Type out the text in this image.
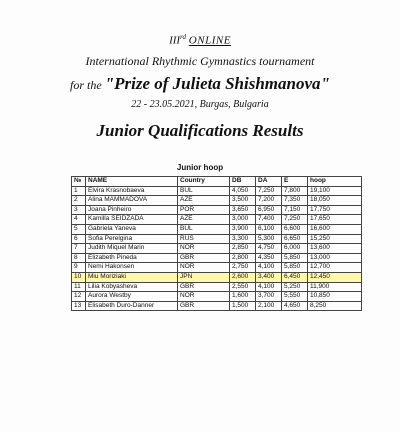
IIIrd ONLINE
International Rhythmic Gymnastics tournament
for the "Prize of Julieta Shishmanova"
22 - 23.05.2021, Burgas, Bulgaria
Junior Qualifications Results
Junior hoop
№	NAME	Country	DB	DA	E	hoop
1	Elvira Krasnobaeva	BUL	4,050	7,250	7,800	19,100
2	Alina MAMMADOVA	AZE	3,500	7,200	7,350	18,050
3	Joana Pinheiro	POR	3,650	6,950	7,150	17,750
4	Kamilla SEIDZADA	AZE	3,000	7,400	7,250	17,650
5	Gabriela Yaneva	BUL	3,900	6,100	6,600	16,600
6	Sofia Perelgina	RUS	3,300	5,300	6,650	15,250
7	Judith Miquel Marin	NOR	2,850	4,750	6,000	13,600
8	Elizabeth Pineda	GBR	2,800	4,350	5,850	13,000
9	Nemi Hakonsen	NOR	2,750	4,100	5,850	12,700
10	Miu Moriziaki	JPN	2,600	3,400	6,450	12,450
11	Lilia Kobyasheva	GBR	2,550	4,100	5,250	11,900
12	Aurora Westby	NOR	1,600	3,700	5,550	10,850
13	Elisabeth Duro-Danner	GBR	1,500	2,100	4,650	8,250
